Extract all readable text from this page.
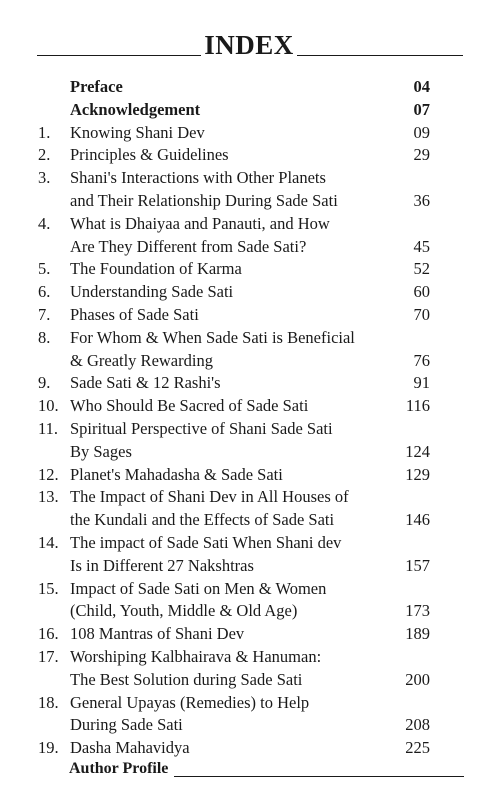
INDEX
Preface	04
Acknowledgement	07
1.	Knowing Shani Dev	09
2.	Principles & Guidelines	29
3.	Shani's Interactions with Other Planets
and Their Relationship During Sade Sati	36
4.	What is Dhaiyaa and Panauti, and How
Are They Different from Sade Sati?	45
5.	The Foundation of Karma	52
6.	Understanding Sade Sati	60
7.	Phases of Sade Sati	70
8.	For Whom & When Sade Sati is Beneficial
& Greatly Rewarding	76
9.	Sade Sati & 12 Rashi's	91
10. Who Should Be Sacred of Sade Sati	116
11. Spiritual Perspective of Shani Sade Sati
By Sages	124
12. Planet's Mahadasha & Sade Sati	129
13. The Impact of Shani Dev in All Houses of
the Kundali and the Effects of Sade Sati	146
14. The impact of Sade Sati When Shani dev
Is in Different 27 Nakshtras	157
15. Impact of Sade Sati on Men & Women
(Child, Youth, Middle & Old Age)	173
16. 108 Mantras of Shani Dev	189
17. Worshiping Kalbhairava & Hanuman:
The Best Solution during Sade Sati	200
18. General Upayas (Remedies) to Help
During Sade Sati	208
19. Dasha Mahavidya	225
Author Profile
